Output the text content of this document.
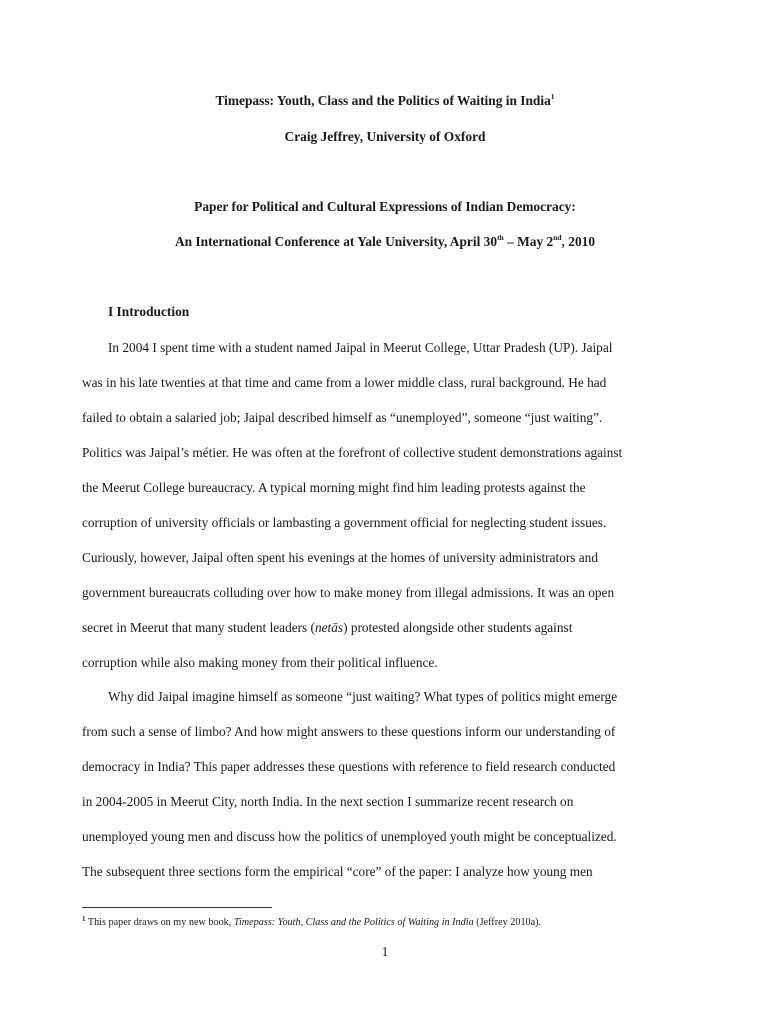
Timepass: Youth, Class and the Politics of Waiting in India$^1$
Craig Jeffrey, University of Oxford
Paper for Political and Cultural Expressions of Indian Democracy:
An International Conference at Yale University, April 30th – May 2nd, 2010
I Introduction
In 2004 I spent time with a student named Jaipal in Meerut College, Uttar Pradesh (UP). Jaipal
was in his late twenties at that time and came from a lower middle class, rural background. He had
failed to obtain a salaried job; Jaipal described himself as “unemployed”, someone “just waiting”.
Politics was Jaipal’s métier. He was often at the forefront of collective student demonstrations against
the Meerut College bureaucracy. A typical morning might find him leading protests against the
corruption of university officials or lambasting a government official for neglecting student issues.
Curiously, however, Jaipal often spent his evenings at the homes of university administrators and
government bureaucrats colluding over how to make money from illegal admissions. It was an open
secret in Meerut that many student leaders (netās) protested alongside other students against
corruption while also making money from their political influence.
Why did Jaipal imagine himself as someone “just waiting? What types of politics might emerge
from such a sense of limbo? And how might answers to these questions inform our understanding of
democracy in India? This paper addresses these questions with reference to field research conducted
in 2004-2005 in Meerut City, north India. In the next section I summarize recent research on
unemployed young men and discuss how the politics of unemployed youth might be conceptualized.
The subsequent three sections form the empirical “core” of the paper: I analyze how young men
$^1$ This paper draws on my new book, Timepass: Youth, Class and the Politics of Waiting in India (Jeffrey 2010a).
1
